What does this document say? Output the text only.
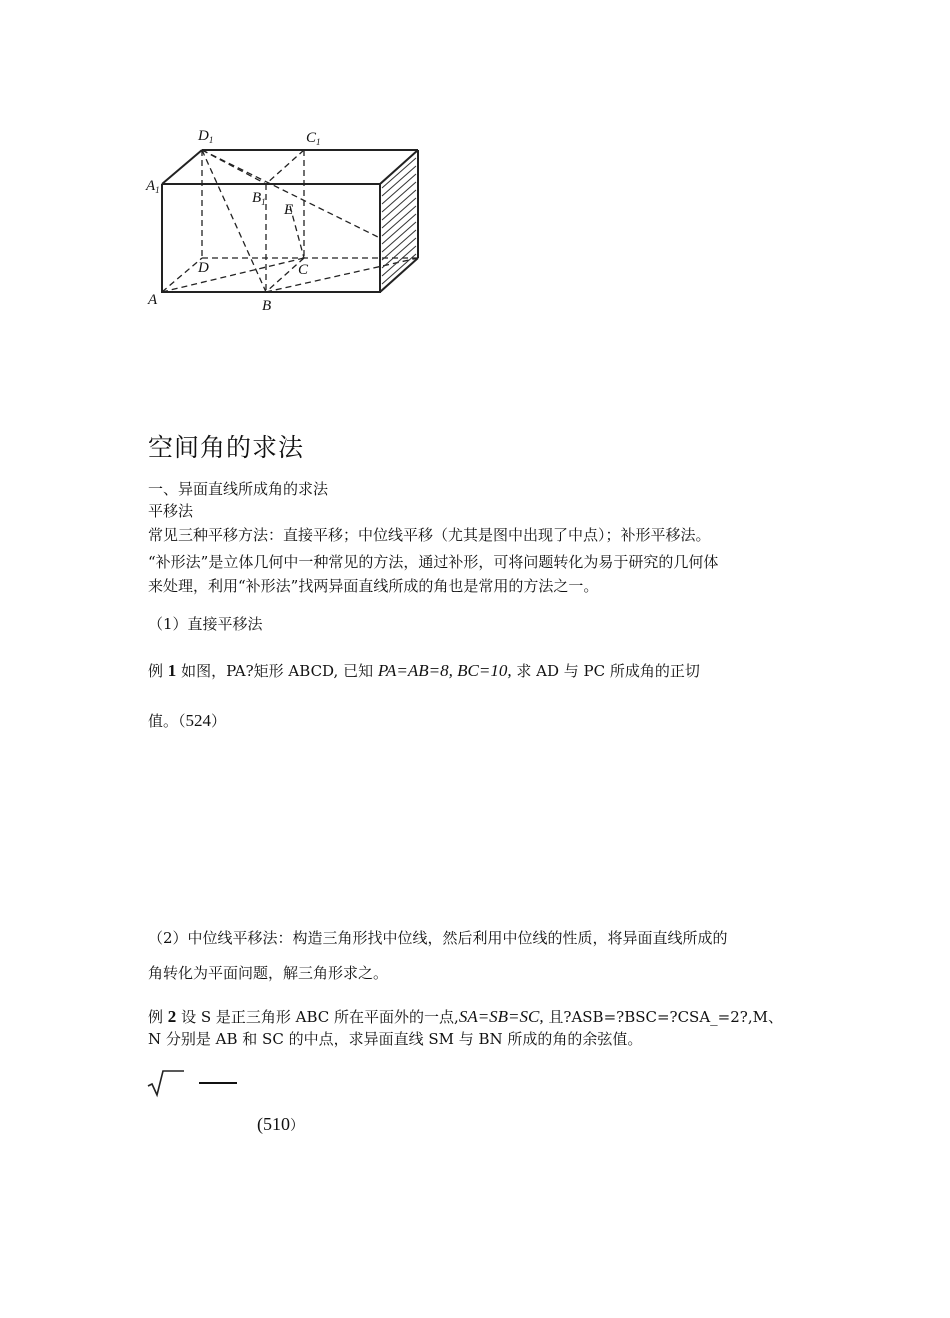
$D_1$	$C_1$
$A_1$	$B_1$ E
D	C
A	B
空间角的求法
一、异面直线所成角的求法
平移法
常见三种平移方法：直接平移；中位线平移（尤其是图中出现了中点）；补形平移法。
“补形法”是立体几何中一种常见的方法，通过补形，可将问题转化为易于研究的几何体
来处理，利用“补形法”找两异面直线所成的角也是常用的方法之一。
（1）直接平移法
例 1 如图，PA?矩形 ABCD, 已知 PA=AB=8, BC=10, 求 AD 与 PC 所成角的正切
值。（524）
（2）中位线平移法：构造三角形找中位线，然后利用中位线的性质，将异面直线所成的
角转化为平面问题，解三角形求之。
例 2 设 S 是正三角形 ABC 所在平面外的一点,SA=SB=SC, 且?ASB=?BSC=?CSA_=2?,M、
N 分别是 AB 和 SC 的中点，求异面直线 SM 与 BN 所成的角的余弦值。

(510）
